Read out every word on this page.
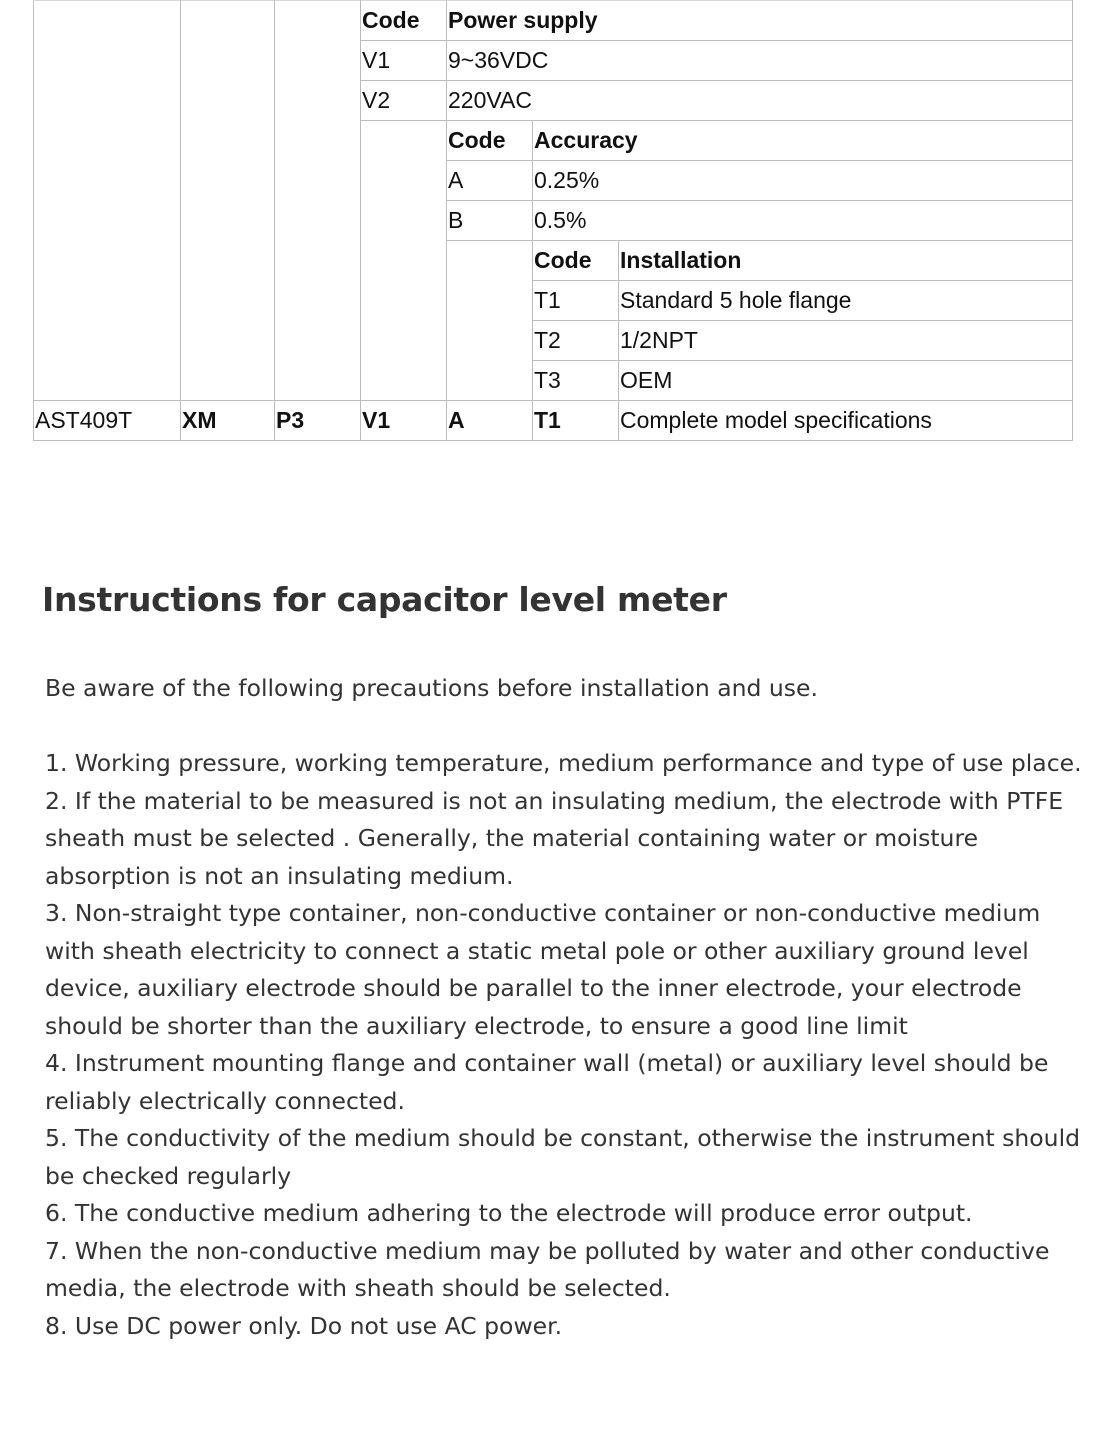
			Code	Power supply		
			V1	9~36VDC		
			V2	220VAC		
				Code	Accuracy	
				A	0.25%	
				B	0.5%	
					Code	Installation
					T1	Standard 5 hole flange
					T2	1/2NPT
					T3	OEM
AST409T	XM	P3	V1	A	T1	Complete model specifications
Instructions for capacitor level meter

Be aware of the following precautions before installation and use.

1. Working pressure, working temperature, medium performance and type of use place.

2. If the material to be measured is not an insulating medium, the electrode with PTFE sheath must be selected . Generally, the material containing water or moisture absorption is not an insulating medium.

3. Non-straight type container, non-conductive container or non-conductive medium with sheath electricity to connect a static metal pole or other auxiliary ground level device, auxiliary electrode should be parallel to the inner electrode, your electrode should be shorter than the auxiliary electrode, to ensure a good line limit

4. Instrument mounting flange and container wall (metal) or auxiliary level should be reliably electrically connected.

5. The conductivity of the medium should be constant, otherwise the instrument should be checked regularly

6. The conductive medium adhering to the electrode will produce error output.

7. When the non-conductive medium may be polluted by water and other conductive media, the electrode with sheath should be selected.

8. Use DC power only. Do not use AC power.
